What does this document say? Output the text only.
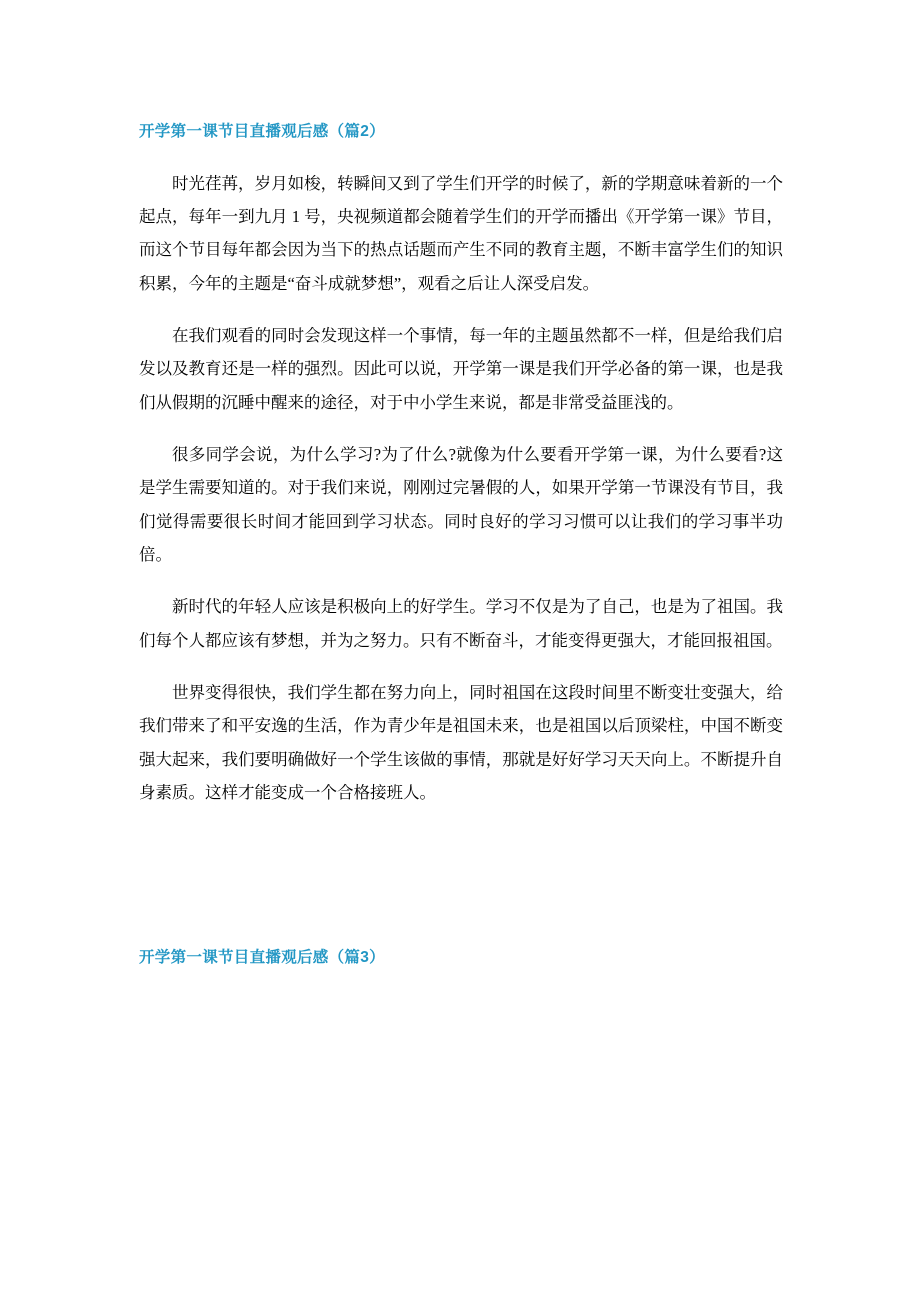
开学第一课节目直播观后感（篇2）

时光荏苒，岁月如梭，转瞬间又到了学生们开学的时候了，新的学期意味着新的一个起点，每年一到九月 1 号，央视频道都会随着学生们的开学而播出《开学第一课》节目，而这个节目每年都会因为当下的热点话题而产生不同的教育主题，不断丰富学生们的知识积累，今年的主题是“奋斗成就梦想”，观看之后让人深受启发。

在我们观看的同时会发现这样一个事情，每一年的主题虽然都不一样，但是给我们启发以及教育还是一样的强烈。因此可以说，开学第一课是我们开学必备的第一课，也是我们从假期的沉睡中醒来的途径，对于中小学生来说，都是非常受益匪浅的。

很多同学会说，为什么学习?为了什么?就像为什么要看开学第一课，为什么要看?这是学生需要知道的。对于我们来说，刚刚过完暑假的人，如果开学第一节课没有节目，我们觉得需要很长时间才能回到学习状态。同时良好的学习习惯可以让我们的学习事半功倍。

新时代的年轻人应该是积极向上的好学生。学习不仅是为了自己，也是为了祖国。我们每个人都应该有梦想，并为之努力。只有不断奋斗，才能变得更强大，才能回报祖国。

世界变得很快，我们学生都在努力向上，同时祖国在这段时间里不断变壮变强大，给我们带来了和平安逸的生活，作为青少年是祖国未来，也是祖国以后顶梁柱，中国不断变强大起来，我们要明确做好一个学生该做的事情，那就是好好学习天天向上。不断提升自身素质。这样才能变成一个合格接班人。

开学第一课节目直播观后感（篇3）
